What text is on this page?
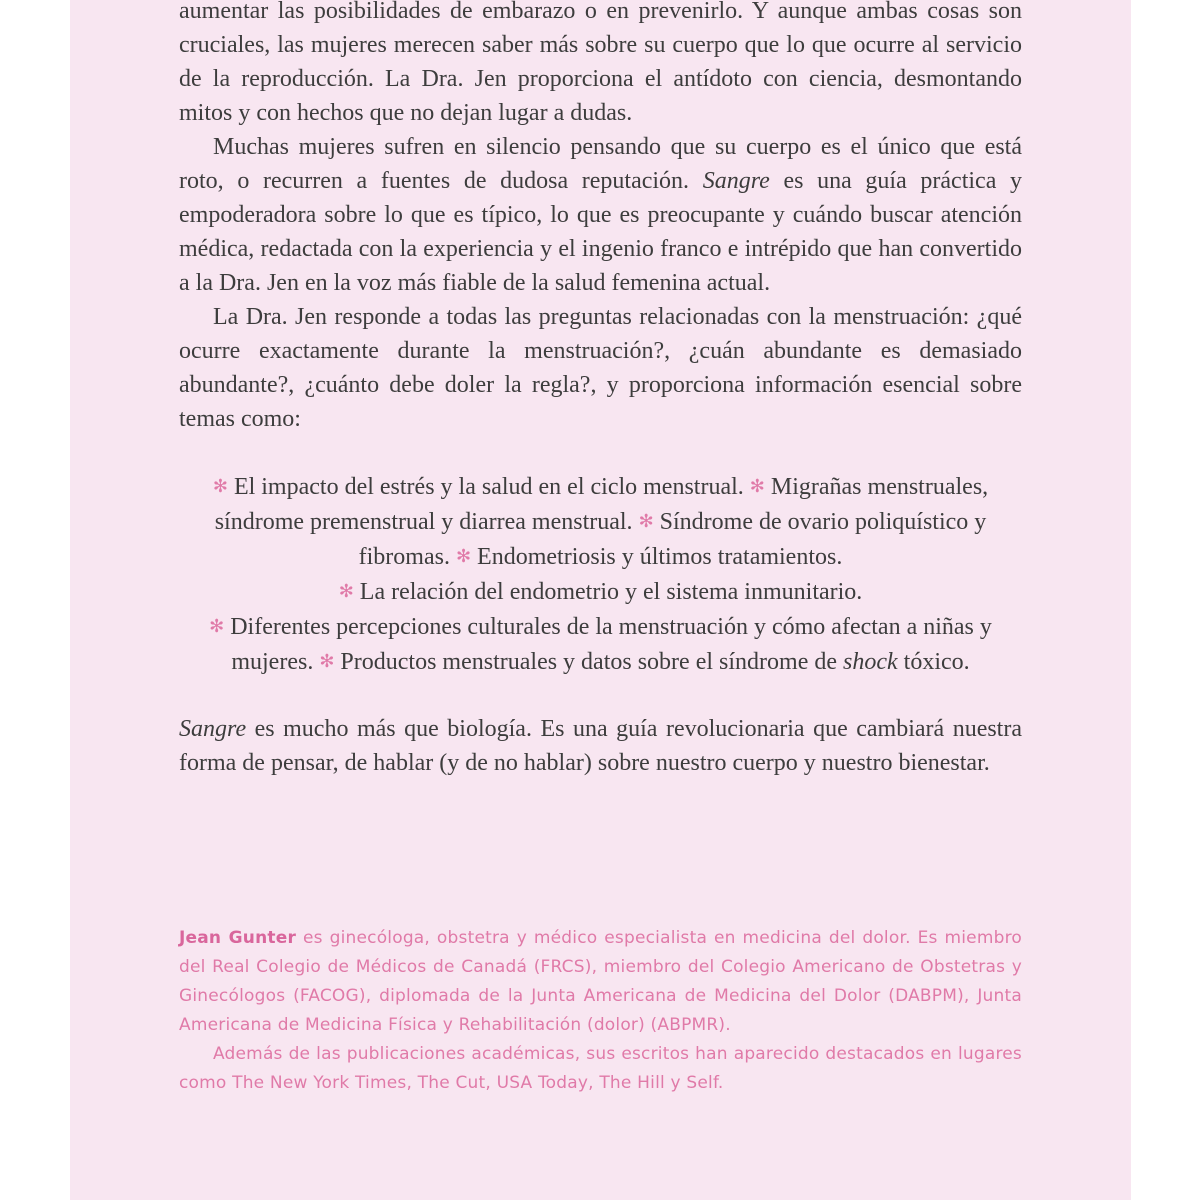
aumentar las posibilidades de embarazo o en prevenirlo. Y aunque ambas cosas son cruciales, las mujeres merecen saber más sobre su cuerpo que lo que ocurre al servicio de la reproducción. La Dra. Jen proporciona el antídoto con ciencia, desmontando mitos y con hechos que no dejan lugar a dudas.

Muchas mujeres sufren en silencio pensando que su cuerpo es el único que está roto, o recurren a fuentes de dudosa reputación. Sangre es una guía práctica y empoderadora sobre lo que es típico, lo que es preocupante y cuándo buscar atención médica, redactada con la experiencia y el ingenio franco e intrépido que han convertido a la Dra. Jen en la voz más fiable de la salud femenina actual.

La Dra. Jen responde a todas las preguntas relacionadas con la menstruación: ¿qué ocurre exactamente durante la menstruación?, ¿cuán abundante es demasiado abundante?, ¿cuánto debe doler la regla?, y proporciona información esencial sobre temas como:

✻ El impacto del estrés y la salud en el ciclo menstrual. ✻ Migrañas menstruales, síndrome premenstrual y diarrea menstrual. ✻ Síndrome de ovario poliquístico y fibromas. ✻ Endometriosis y últimos tratamientos.

✻ La relación del endometrio y el sistema inmunitario.

✻ Diferentes percepciones culturales de la menstruación y cómo afectan a niñas y mujeres. ✻ Productos menstruales y datos sobre el síndrome de shock tóxico.

Sangre es mucho más que biología. Es una guía revolucionaria que cambiará nuestra forma de pensar, de hablar (y de no hablar) sobre nuestro cuerpo y nuestro bienestar.

Jean Gunter es ginecóloga, obstetra y médico especialista en medicina del dolor. Es miembro del Real Colegio de Médicos de Canadá (FRCS), miembro del Colegio Americano de Obstetras y Ginecólogos (FACOG), diplomada de la Junta Americana de Medicina del Dolor (DABPM), Junta Americana de Medicina Física y Rehabilitación (dolor) (ABPMR).

Además de las publicaciones académicas, sus escritos han aparecido destacados en lugares como The New York Times, The Cut, USA Today, The Hill y Self.
